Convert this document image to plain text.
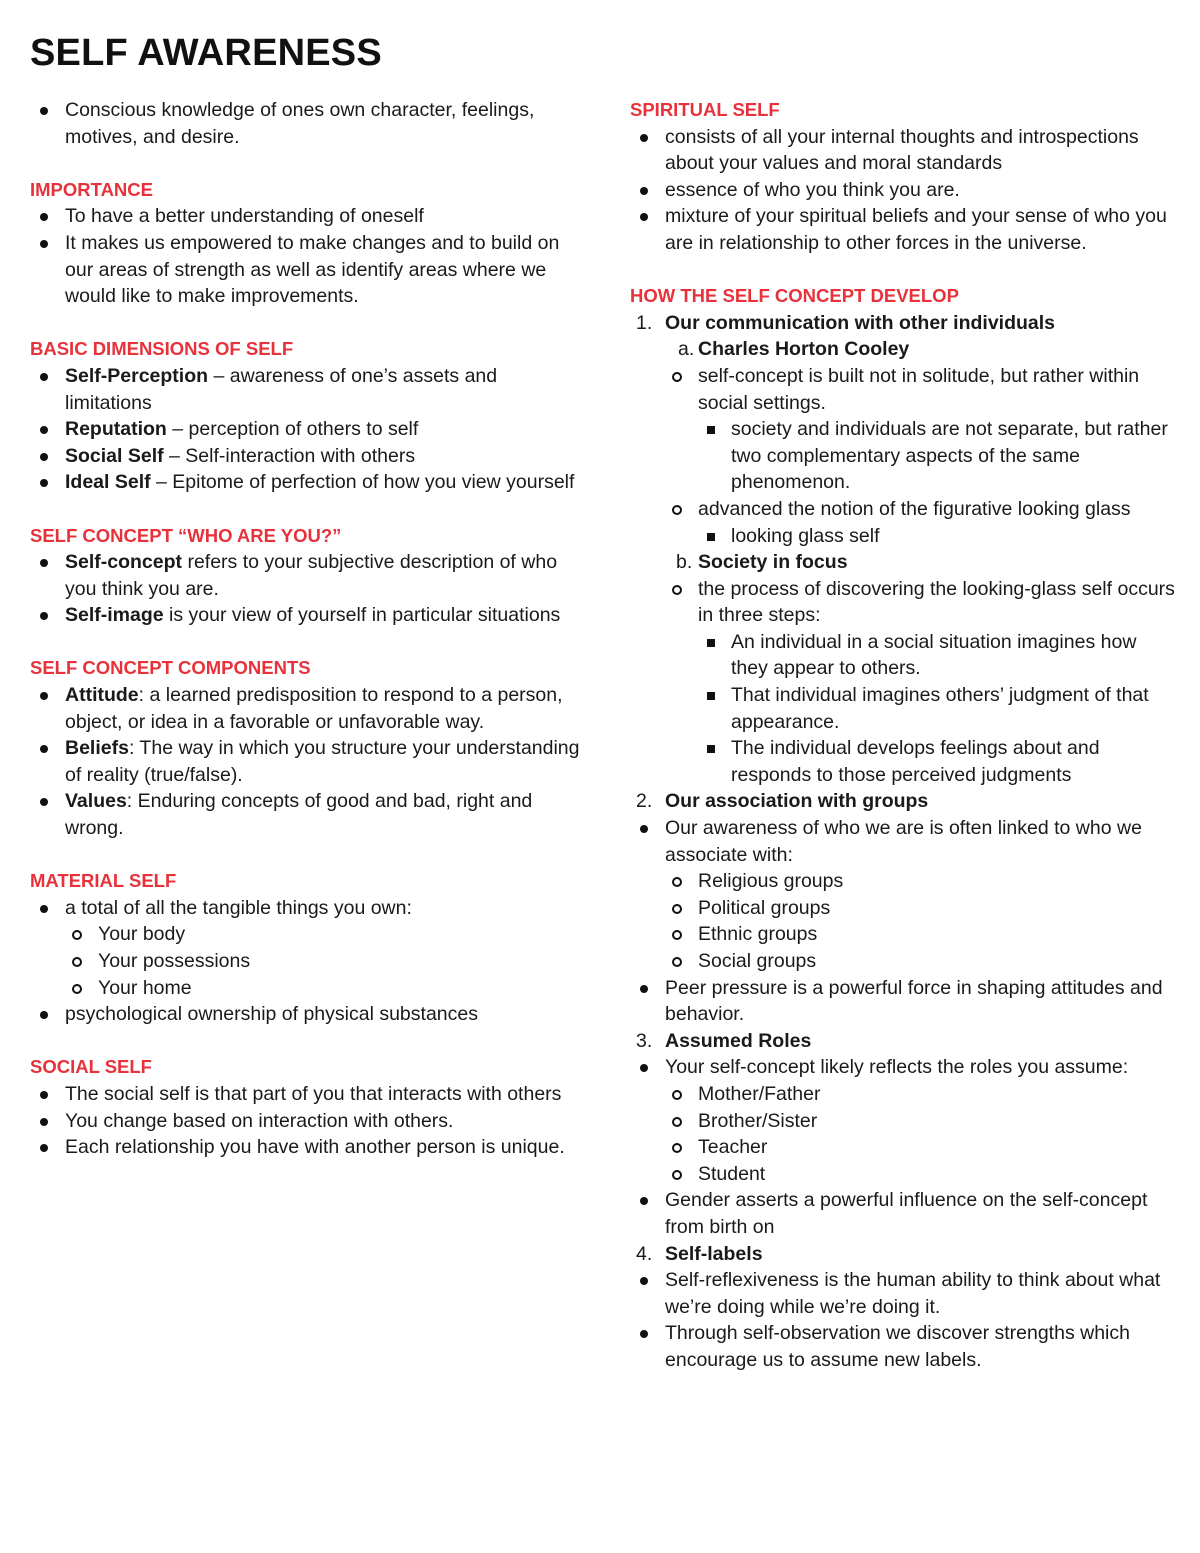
SELF AWARENESS
Conscious knowledge of ones own character, feelings, motives, and desire.

IMPORTANCE

To have a better understanding of oneself
It makes us empowered to make changes and to build on our areas of strength as well as identify areas where we would like to make improvements.

BASIC DIMENSIONS OF SELF

Self-Perception – awareness of one’s assets and limitations
Reputation – perception of others to self
Social Self – Self-interaction with others
Ideal Self – Epitome of perfection of how you view yourself

SELF CONCEPT “WHO ARE YOU?”

Self-concept refers to your subjective description of who you think you are.
Self-image is your view of yourself in particular situations

SELF CONCEPT COMPONENTS

Attitude: a learned predisposition to respond to a person, object, or idea in a favorable or unfavorable way.
Beliefs: The way in which you structure your understanding of reality (true/false).
Values: Enduring concepts of good and bad, right and wrong.

MATERIAL SELF

a total of all the tangible things you own:
Your body
Your possessions
Your home
psychological ownership of physical substances

SOCIAL SELF

The social self is that part of you that interacts with others
You change based on interaction with others.
Each relationship you have with another person is unique.

SPIRITUAL SELF

consists of all your internal thoughts and introspections about your values and moral standards
essence of who you think you are.
mixture of your spiritual beliefs and your sense of who you are in relationship to other forces in the universe.

HOW THE SELF CONCEPT DEVELOP

1. Our communication with other individuals
a. Charles Horton Cooley
self-concept is built not in solitude, but rather within social settings.
society and individuals are not separate, but rather two complementary aspects of the same phenomenon.
advanced the notion of the figurative looking glass
looking glass self
b. Society in focus
the process of discovering the looking-glass self occurs in three steps:
An individual in a social situation imagines how they appear to others.
That individual imagines others’ judgment of that appearance.
The individual develops feelings about and responds to those perceived judgments
2. Our association with groups
Our awareness of who we are is often linked to who we associate with:
Religious groups
Political groups
Ethnic groups
Social groups
Peer pressure is a powerful force in shaping attitudes and behavior.
3. Assumed Roles
Your self-concept likely reflects the roles you assume:
Mother/Father
Brother/Sister
Teacher
Student
Gender asserts a powerful influence on the self-concept from birth on
4. Self-labels
Self-reflexiveness is the human ability to think about what we’re doing while we’re doing it.
Through self-observation we discover strengths which encourage us to assume new labels.
